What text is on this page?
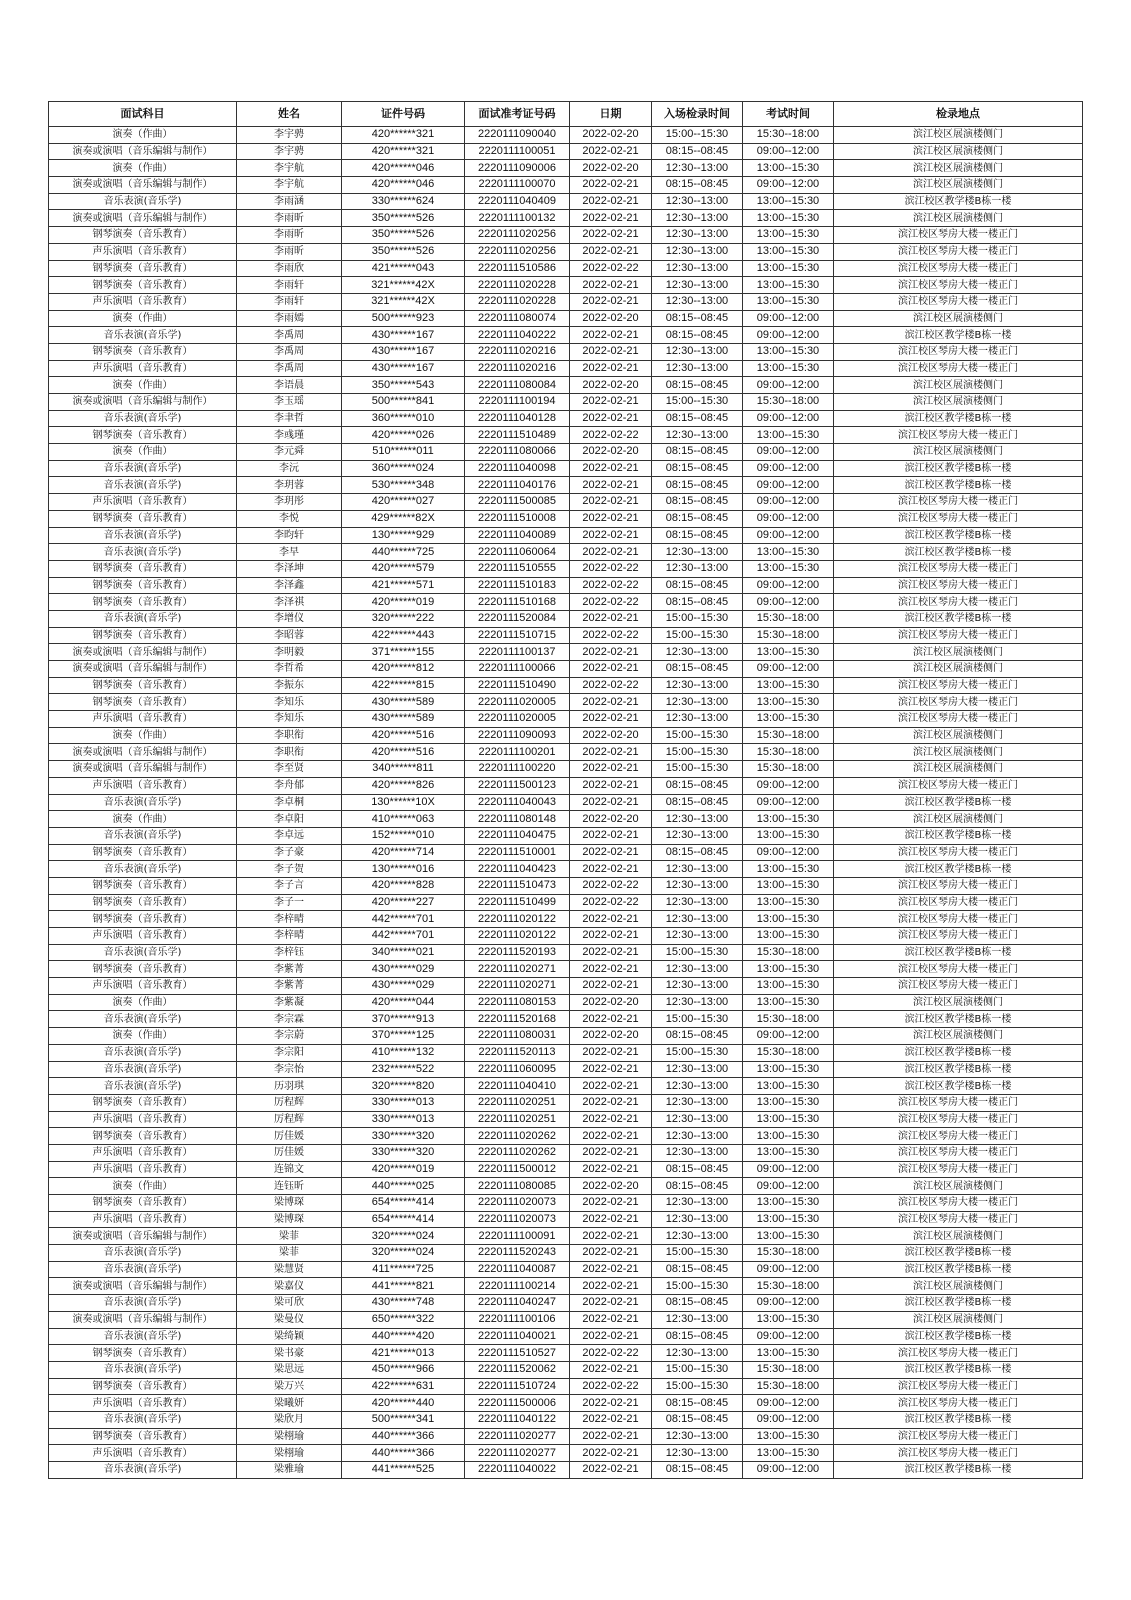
面试科目	姓名	证件号码	面试准考证号码	日期	入场检录时间	考试时间	检录地点
演奏（作曲）	李宇骋	420******321	2220111090040	2022-02-20	15:00--15:30	15:30--18:00	滨江校区展演楼侧门
演奏或演唱（音乐编辑与制作）	李宇骋	420******321	2220111100051	2022-02-21	08:15--08:45	09:00--12:00	滨江校区展演楼侧门
演奏（作曲）	李宇航	420******046	2220111090006	2022-02-20	12:30--13:00	13:00--15:30	滨江校区展演楼侧门
演奏或演唱（音乐编辑与制作）	李宇航	420******046	2220111100070	2022-02-21	08:15--08:45	09:00--12:00	滨江校区展演楼侧门
音乐表演(音乐学)	李雨涵	330******624	2220111040409	2022-02-21	12:30--13:00	13:00--15:30	滨江校区教学楼B栋一楼
演奏或演唱（音乐编辑与制作）	李雨昕	350******526	2220111100132	2022-02-21	12:30--13:00	13:00--15:30	滨江校区展演楼侧门
钢琴演奏（音乐教育）	李雨昕	350******526	2220111020256	2022-02-21	12:30--13:00	13:00--15:30	滨江校区琴房大楼一楼正门
声乐演唱（音乐教育）	李雨昕	350******526	2220111020256	2022-02-21	12:30--13:00	13:00--15:30	滨江校区琴房大楼一楼正门
钢琴演奏（音乐教育）	李雨欣	421******043	2220111510586	2022-02-22	12:30--13:00	13:00--15:30	滨江校区琴房大楼一楼正门
钢琴演奏（音乐教育）	李雨轩	321******42X	2220111020228	2022-02-21	12:30--13:00	13:00--15:30	滨江校区琴房大楼一楼正门
声乐演唱（音乐教育）	李雨轩	321******42X	2220111020228	2022-02-21	12:30--13:00	13:00--15:30	滨江校区琴房大楼一楼正门
演奏（作曲）	李雨嫣	500******923	2220111080074	2022-02-20	08:15--08:45	09:00--12:00	滨江校区展演楼侧门
音乐表演(音乐学)	李禹周	430******167	2220111040222	2022-02-21	08:15--08:45	09:00--12:00	滨江校区教学楼B栋一楼
钢琴演奏（音乐教育）	李禹周	430******167	2220111020216	2022-02-21	12:30--13:00	13:00--15:30	滨江校区琴房大楼一楼正门
声乐演唱（音乐教育）	李禹周	430******167	2220111020216	2022-02-21	12:30--13:00	13:00--15:30	滨江校区琴房大楼一楼正门
演奏（作曲）	李语晨	350******543	2220111080084	2022-02-20	08:15--08:45	09:00--12:00	滨江校区展演楼侧门
演奏或演唱（音乐编辑与制作）	李玉瑶	500******841	2220111100194	2022-02-21	15:00--15:30	15:30--18:00	滨江校区展演楼侧门
音乐表演(音乐学)	李聿哲	360******010	2220111040128	2022-02-21	08:15--08:45	09:00--12:00	滨江校区教学楼B栋一楼
钢琴演奏（音乐教育）	李彧瑾	420******026	2220111510489	2022-02-22	12:30--13:00	13:00--15:30	滨江校区琴房大楼一楼正门
演奏（作曲）	李元舜	510******011	2220111080066	2022-02-20	08:15--08:45	09:00--12:00	滨江校区展演楼侧门
音乐表演(音乐学)	李沅	360******024	2220111040098	2022-02-21	08:15--08:45	09:00--12:00	滨江校区教学楼B栋一楼
音乐表演(音乐学)	李玥蓉	530******348	2220111040176	2022-02-21	08:15--08:45	09:00--12:00	滨江校区教学楼B栋一楼
声乐演唱（音乐教育）	李玥彤	420******027	2220111500085	2022-02-21	08:15--08:45	09:00--12:00	滨江校区琴房大楼一楼正门
钢琴演奏（音乐教育）	李悦	429******82X	2220111510008	2022-02-21	08:15--08:45	09:00--12:00	滨江校区琴房大楼一楼正门
音乐表演(音乐学)	李昀轩	130******929	2220111040089	2022-02-21	08:15--08:45	09:00--12:00	滨江校区教学楼B栋一楼
音乐表演(音乐学)	李早	440******725	2220111060064	2022-02-21	12:30--13:00	13:00--15:30	滨江校区教学楼B栋一楼
钢琴演奏（音乐教育）	李泽坤	420******579	2220111510555	2022-02-22	12:30--13:00	13:00--15:30	滨江校区琴房大楼一楼正门
钢琴演奏（音乐教育）	李泽鑫	421******571	2220111510183	2022-02-22	08:15--08:45	09:00--12:00	滨江校区琴房大楼一楼正门
钢琴演奏（音乐教育）	李泽祺	420******019	2220111510168	2022-02-22	08:15--08:45	09:00--12:00	滨江校区琴房大楼一楼正门
音乐表演(音乐学)	李增仪	320******222	2220111520084	2022-02-21	15:00--15:30	15:30--18:00	滨江校区教学楼B栋一楼
钢琴演奏（音乐教育）	李昭蓉	422******443	2220111510715	2022-02-22	15:00--15:30	15:30--18:00	滨江校区琴房大楼一楼正门
演奏或演唱（音乐编辑与制作）	李明毅	371******155	2220111100137	2022-02-21	12:30--13:00	13:00--15:30	滨江校区展演楼侧门
演奏或演唱（音乐编辑与制作）	李哲希	420******812	2220111100066	2022-02-21	08:15--08:45	09:00--12:00	滨江校区展演楼侧门
钢琴演奏（音乐教育）	李振东	422******815	2220111510490	2022-02-22	12:30--13:00	13:00--15:30	滨江校区琴房大楼一楼正门
钢琴演奏（音乐教育）	李知乐	430******589	2220111020005	2022-02-21	12:30--13:00	13:00--15:30	滨江校区琴房大楼一楼正门
声乐演唱（音乐教育）	李知乐	430******589	2220111020005	2022-02-21	12:30--13:00	13:00--15:30	滨江校区琴房大楼一楼正门
演奏（作曲）	李职衔	420******516	2220111090093	2022-02-20	15:00--15:30	15:30--18:00	滨江校区展演楼侧门
演奏或演唱（音乐编辑与制作）	李职衔	420******516	2220111100201	2022-02-21	15:00--15:30	15:30--18:00	滨江校区展演楼侧门
演奏或演唱（音乐编辑与制作）	李至贤	340******811	2220111100220	2022-02-21	15:00--15:30	15:30--18:00	滨江校区展演楼侧门
声乐演唱（音乐教育）	李舟郁	420******826	2220111500123	2022-02-21	08:15--08:45	09:00--12:00	滨江校区琴房大楼一楼正门
音乐表演(音乐学)	李卓桐	130******10X	2220111040043	2022-02-21	08:15--08:45	09:00--12:00	滨江校区教学楼B栋一楼
演奏（作曲）	李卓阳	410******063	2220111080148	2022-02-20	12:30--13:00	13:00--15:30	滨江校区展演楼侧门
音乐表演(音乐学)	李卓远	152******010	2220111040475	2022-02-21	12:30--13:00	13:00--15:30	滨江校区教学楼B栋一楼
钢琴演奏（音乐教育）	李子豪	420******714	2220111510001	2022-02-21	08:15--08:45	09:00--12:00	滨江校区琴房大楼一楼正门
音乐表演(音乐学)	李子贺	130******016	2220111040423	2022-02-21	12:30--13:00	13:00--15:30	滨江校区教学楼B栋一楼
钢琴演奏（音乐教育）	李子言	420******828	2220111510473	2022-02-22	12:30--13:00	13:00--15:30	滨江校区琴房大楼一楼正门
钢琴演奏（音乐教育）	李子一	420******227	2220111510499	2022-02-22	12:30--13:00	13:00--15:30	滨江校区琴房大楼一楼正门
钢琴演奏（音乐教育）	李梓晴	442******701	2220111020122	2022-02-21	12:30--13:00	13:00--15:30	滨江校区琴房大楼一楼正门
声乐演唱（音乐教育）	李梓晴	442******701	2220111020122	2022-02-21	12:30--13:00	13:00--15:30	滨江校区琴房大楼一楼正门
音乐表演(音乐学)	李梓钰	340******021	2220111520193	2022-02-21	15:00--15:30	15:30--18:00	滨江校区教学楼B栋一楼
钢琴演奏（音乐教育）	李紫菁	430******029	2220111020271	2022-02-21	12:30--13:00	13:00--15:30	滨江校区琴房大楼一楼正门
声乐演唱（音乐教育）	李紫菁	430******029	2220111020271	2022-02-21	12:30--13:00	13:00--15:30	滨江校区琴房大楼一楼正门
演奏（作曲）	李紫凝	420******044	2220111080153	2022-02-20	12:30--13:00	13:00--15:30	滨江校区展演楼侧门
音乐表演(音乐学)	李宗霖	370******913	2220111520168	2022-02-21	15:00--15:30	15:30--18:00	滨江校区教学楼B栋一楼
演奏（作曲）	李宗蔚	370******125	2220111080031	2022-02-20	08:15--08:45	09:00--12:00	滨江校区展演楼侧门
音乐表演(音乐学)	李宗阳	410******132	2220111520113	2022-02-21	15:00--15:30	15:30--18:00	滨江校区教学楼B栋一楼
音乐表演(音乐学)	李宗怡	232******522	2220111060095	2022-02-21	12:30--13:00	13:00--15:30	滨江校区教学楼B栋一楼
音乐表演(音乐学)	历羽琪	320******820	2220111040410	2022-02-21	12:30--13:00	13:00--15:30	滨江校区教学楼B栋一楼
钢琴演奏（音乐教育）	厉程辉	330******013	2220111020251	2022-02-21	12:30--13:00	13:00--15:30	滨江校区琴房大楼一楼正门
声乐演唱（音乐教育）	厉程辉	330******013	2220111020251	2022-02-21	12:30--13:00	13:00--15:30	滨江校区琴房大楼一楼正门
钢琴演奏（音乐教育）	厉佳媛	330******320	2220111020262	2022-02-21	12:30--13:00	13:00--15:30	滨江校区琴房大楼一楼正门
声乐演唱（音乐教育）	厉佳媛	330******320	2220111020262	2022-02-21	12:30--13:00	13:00--15:30	滨江校区琴房大楼一楼正门
声乐演唱（音乐教育）	连锦文	420******019	2220111500012	2022-02-21	08:15--08:45	09:00--12:00	滨江校区琴房大楼一楼正门
演奏（作曲）	连钰昕	440******025	2220111080085	2022-02-20	08:15--08:45	09:00--12:00	滨江校区展演楼侧门
钢琴演奏（音乐教育）	梁博琛	654******414	2220111020073	2022-02-21	12:30--13:00	13:00--15:30	滨江校区琴房大楼一楼正门
声乐演唱（音乐教育）	梁博琛	654******414	2220111020073	2022-02-21	12:30--13:00	13:00--15:30	滨江校区琴房大楼一楼正门
演奏或演唱（音乐编辑与制作）	梁菲	320******024	2220111100091	2022-02-21	12:30--13:00	13:00--15:30	滨江校区展演楼侧门
音乐表演(音乐学)	梁菲	320******024	2220111520243	2022-02-21	15:00--15:30	15:30--18:00	滨江校区教学楼B栋一楼
音乐表演(音乐学)	梁慧贤	411******725	2220111040087	2022-02-21	08:15--08:45	09:00--12:00	滨江校区教学楼B栋一楼
演奏或演唱（音乐编辑与制作）	梁嘉仪	441******821	2220111100214	2022-02-21	15:00--15:30	15:30--18:00	滨江校区展演楼侧门
音乐表演(音乐学)	梁可欣	430******748	2220111040247	2022-02-21	08:15--08:45	09:00--12:00	滨江校区教学楼B栋一楼
演奏或演唱（音乐编辑与制作）	梁曼仪	650******322	2220111100106	2022-02-21	12:30--13:00	13:00--15:30	滨江校区展演楼侧门
音乐表演(音乐学)	梁绮颖	440******420	2220111040021	2022-02-21	08:15--08:45	09:00--12:00	滨江校区教学楼B栋一楼
钢琴演奏（音乐教育）	梁书豪	421******013	2220111510527	2022-02-22	12:30--13:00	13:00--15:30	滨江校区琴房大楼一楼正门
音乐表演(音乐学)	梁思远	450******966	2220111520062	2022-02-21	15:00--15:30	15:30--18:00	滨江校区教学楼B栋一楼
钢琴演奏（音乐教育）	梁万兴	422******631	2220111510724	2022-02-22	15:00--15:30	15:30--18:00	滨江校区琴房大楼一楼正门
声乐演唱（音乐教育）	梁曦妍	420******440	2220111500006	2022-02-21	08:15--08:45	09:00--12:00	滨江校区琴房大楼一楼正门
音乐表演(音乐学)	梁欣月	500******341	2220111040122	2022-02-21	08:15--08:45	09:00--12:00	滨江校区教学楼B栋一楼
钢琴演奏（音乐教育）	梁栩瑜	440******366	2220111020277	2022-02-21	12:30--13:00	13:00--15:30	滨江校区琴房大楼一楼正门
声乐演唱（音乐教育）	梁栩瑜	440******366	2220111020277	2022-02-21	12:30--13:00	13:00--15:30	滨江校区琴房大楼一楼正门
音乐表演(音乐学)	梁雅瑜	441******525	2220111040022	2022-02-21	08:15--08:45	09:00--12:00	滨江校区教学楼B栋一楼
